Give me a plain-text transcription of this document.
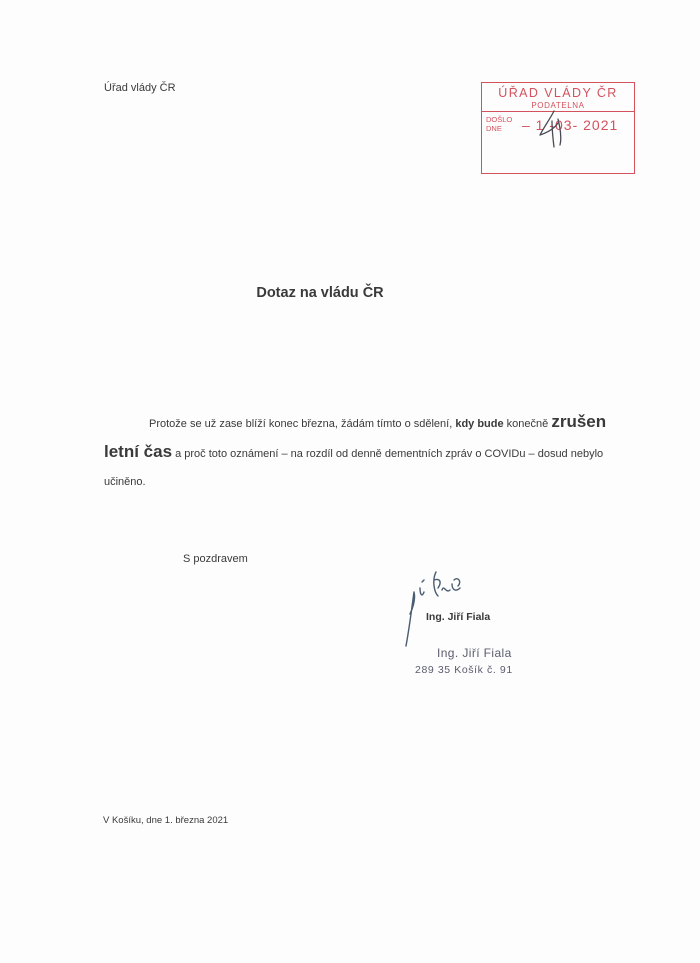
Úřad vlády ČR	ÚŘAD VLÁDY ČR
PODATELNA
DOŠLO
DNE – 1 -03- 2021
Dotaz na vládu ČR

Protože se už zase blíží konec března, žádám tímto o sdělení, kdy bude konečně zrušen letní čas a proč toto oznámení – na rozdíl od denně dementních zpráv o COVIDu – dosud nebylo učiněno.

S pozdravem
Ing. Jiří Fiala
Ing. Jiří Fiala
289 35 Košík č. 91
V Košíku, dne 1. března 2021
